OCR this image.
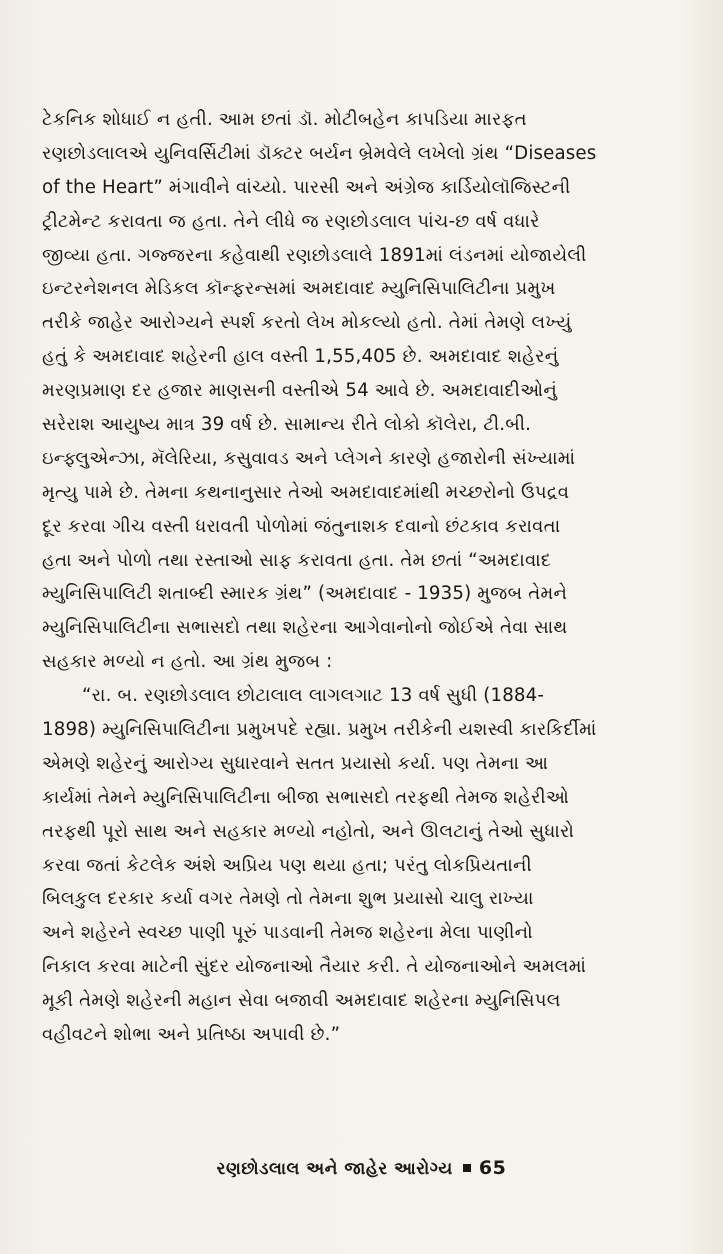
ટેકનિક શોધાઈ ન હતી. આમ છતાં ડૉ. મોટીબહેન કાપડિયા મારફત
રણછોડલાલએ યુનિવર્સિટીમાં ડૉક્ટર બર્યન બ્રેમવેલે લખેલો ગ્રંથ “Diseases
of the Heart” મંગાવીને વાંચ્યો. પારસી અને અંગ્રેજ કાર્ડિયોલૉજિસ્ટની
ટ્રીટમેન્ટ કરાવતા જ હતા. તેને લીધે જ રણછોડલાલ પાંચ-છ વર્ષ વધારે
જીવ્યા હતા. ગજ્જરના કહેવાથી રણછોડલાલે 1891માં લંડનમાં યોજાયેલી
ઇન્ટરનેશનલ મેડિકલ કૉન્ફરન્સમાં અમદાવાદ મ્યુનિસિપાલિટીના પ્રમુખ
તરીકે જાહેર આરોગ્યને સ્પર્શ કરતો લેખ મોકલ્યો હતો. તેમાં તેમણે લખ્યું
હતું કે અમદાવાદ શહેરની હાલ વસ્તી 1,55,405 છે. અમદાવાદ શહેરનું
મરણપ્રમાણ દર હજાર માણસની વસ્તીએ 54 આવે છે. અમદાવાદીઓનું
સરેરાશ આયુષ્ય માત્ર 39 વર્ષ છે. સામાન્ય રીતે લોકો કૉલેરા, ટી.બી.
ઇન્ફ્લુએન્ઝા, મૅલેરિયા, કસુવાવડ અને પ્લેગને કારણે હજારોની સંખ્યામાં
મૃત્યુ પામે છે. તેમના કથનાનુસાર તેઓ અમદાવાદમાંથી મચ્છરોનો ઉપદ્રવ
દૂર કરવા ગીચ વસ્તી ધરાવતી પોળોમાં જંતુનાશક દવાનો છંટકાવ કરાવતા
હતા અને પોળો તથા રસ્તાઓ સાફ કરાવતા હતા. તેમ છતાં “અમદાવાદ
મ્યુનિસિપાલિટી શતાબ્દી સ્મારક ગ્રંથ” (અમદાવાદ - 1935) મુજબ તેમને
મ્યુનિસિપાલિટીના સભાસદો તથા શહેરના આગેવાનોનો જોઈએ તેવા સાથ
સહકાર મળ્યો ન હતો. આ ગ્રંથ મુજબ :
“રા. બ. રણછોડલાલ છોટાલાલ લાગલગાટ 13 વર્ષ સુધી (1884-
1898) મ્યુનિસિપાલિટીના પ્રમુખપદે રહ્યા. પ્રમુખ તરીકેની યશસ્વી કારકિર્દીમાં
એમણે શહેરનું આરોગ્ય સુધારવાને સતત પ્રયાસો કર્યા. પણ તેમના આ
કાર્યમાં તેમને મ્યુનિસિપાલિટીના બીજા સભાસદો તરફથી તેમજ શહેરીઓ
તરફથી પૂરો સાથ અને સહકાર મળ્યો નહોતો, અને ઊલટાનું તેઓ સુધારો
કરવા જતાં કેટલેક અંશે અપ્રિય પણ થયા હતા; પરંતુ લોકપ્રિયતાની
બિલકુલ દરકાર કર્યા વગર તેમણે તો તેમના શુભ પ્રયાસો ચાલુ રાખ્યા
અને શહેરને સ્વચ્છ પાણી પૂરું પાડવાની તેમજ શહેરના મેલા પાણીનો
નિકાલ કરવા માટેની સુંદર યોજનાઓ તૈયાર કરી. તે યોજનાઓને અમલમાં
મૂકી તેમણે શહેરની મહાન સેવા બજાવી અમદાવાદ શહેરના મ્યુનિસિપલ
વહીવટને શોભા અને પ્રતિષ્ઠા અપાવી છે.”
રણછોડલાલ અને જાહેર આરોગ્ય 65
